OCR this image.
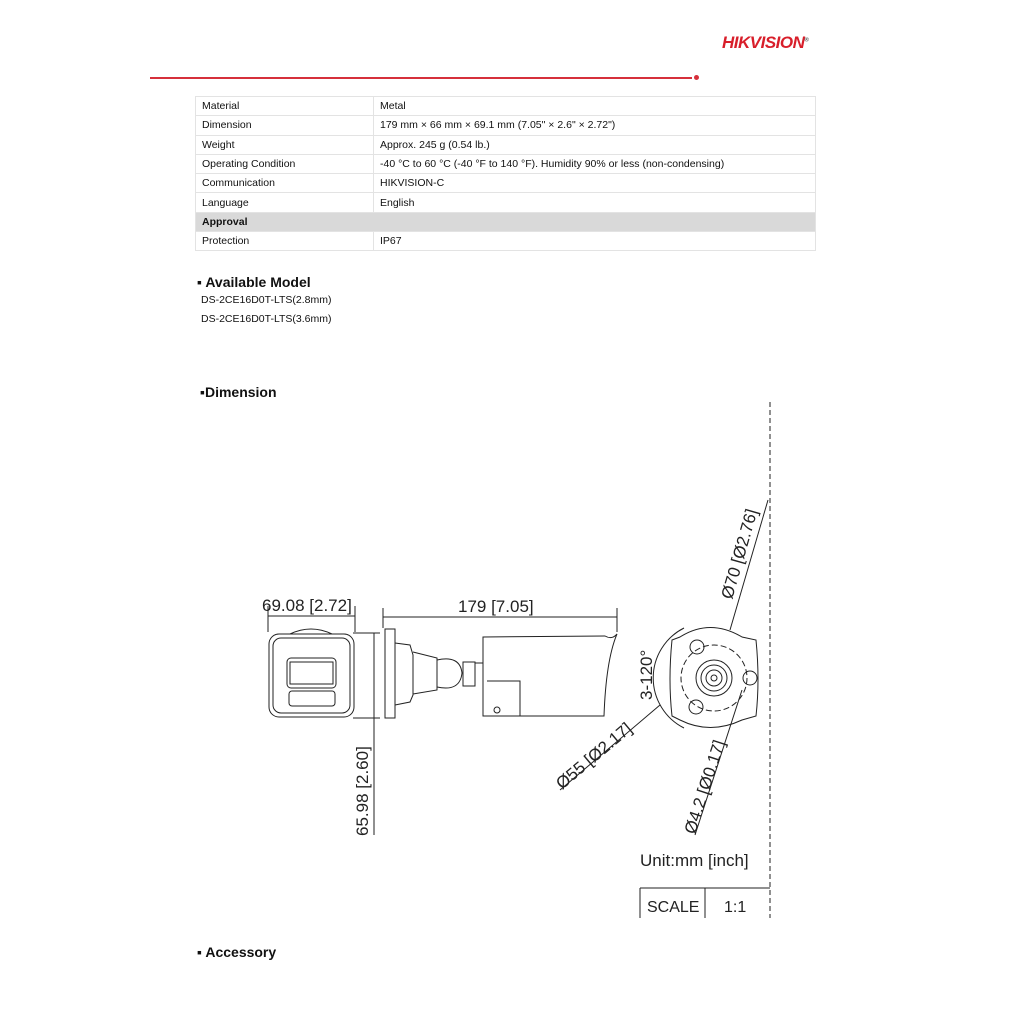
HIKVISION®
Material	Metal
Dimension	179 mm × 66 mm × 69.1 mm (7.05" × 2.6" × 2.72")
Weight	Approx. 245 g (0.54 lb.)
Operating Condition	-40 °C to 60 °C (-40 °F to 140 °F). Humidity 90% or less (non-condensing)
Communication	HIKVISION-C
Language	English
Approval	
Protection	IP67
▪ Available Model
DS-2CE16D0T-LTS(2.8mm)
DS-2CE16D0T-LTS(3.6mm)
▪Dimension
69.08 [2.72]	179 [7.05]
65.98 [2.60]
Ø70 [Ø2.76]
3-120°
Ø55 [Ø2.17]	Ø4.2 [Ø0.17]
Unit:mm [inch]
SCALE 1:1
▪ Accessory
